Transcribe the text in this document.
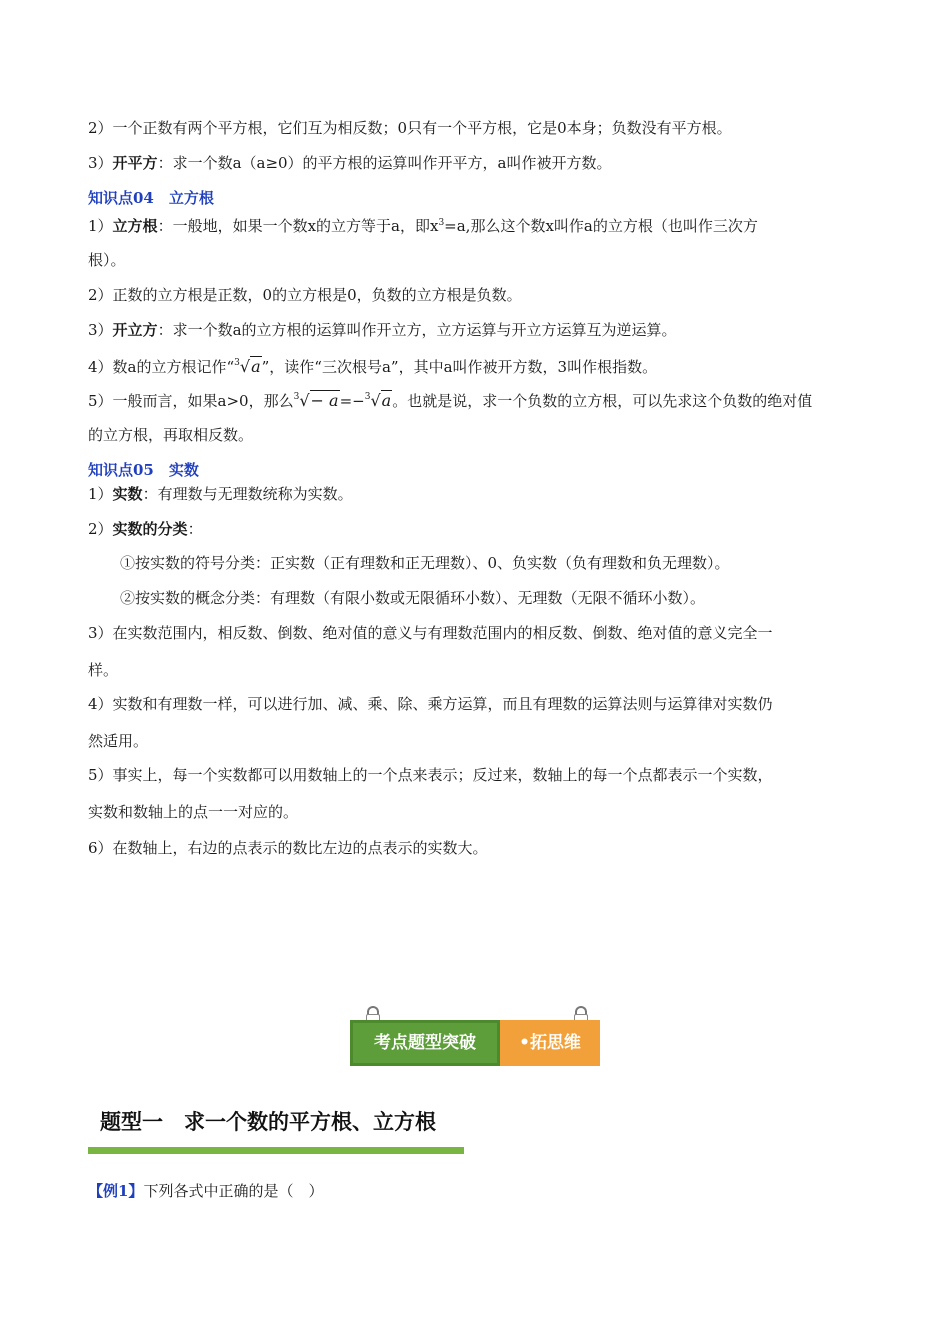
2）一个正数有两个平方根，它们互为相反数；0只有一个平方根，它是0本身；负数没有平方根。
3）开平方：求一个数a（a≥0）的平方根的运算叫作开平方，a叫作被开方数。
知识点04　立方根
1）立方根：一般地，如果一个数x的立方等于a，即$x^3=a$,那么这个数x叫作a的立方根（也叫作三次方
根）。
2）正数的立方根是正数，0的立方根是0，负数的立方根是负数。
3）开立方：求一个数a的立方根的运算叫作开立方，立方运算与开立方运算互为逆运算。
4）数a的立方根记作“$^3$√a”，读作“三次根号a”，其中a叫作被开方数，3叫作根指数。
5）一般而言，如果a>0，那么$^3$√− a=−$^3$√a。也就是说，求一个负数的立方根，可以先求这个负数的绝对值
的立方根，再取相反数。
知识点05　实数
1）实数：有理数与无理数统称为实数。
2）实数的分类：
①按实数的符号分类：正实数（正有理数和正无理数）、0、负实数（负有理数和负无理数）。
②按实数的概念分类：有理数（有限小数或无限循环小数）、无理数（无限不循环小数）。
3）在实数范围内，相反数、倒数、绝对值的意义与有理数范围内的相反数、倒数、绝对值的意义完全一
样。
4）实数和有理数一样，可以进行加、减、乘、除、乘方运算，而且有理数的运算法则与运算律对实数仍
然适用。
5）事实上，每一个实数都可以用数轴上的一个点来表示；反过来，数轴上的每一个点都表示一个实数，
实数和数轴上的点一一对应的。
6）在数轴上，右边的点表示的数比左边的点表示的实数大。
考点题型突破	•拓思维
题型一　求一个数的平方根、立方根
【例1】下列各式中正确的是（　）
